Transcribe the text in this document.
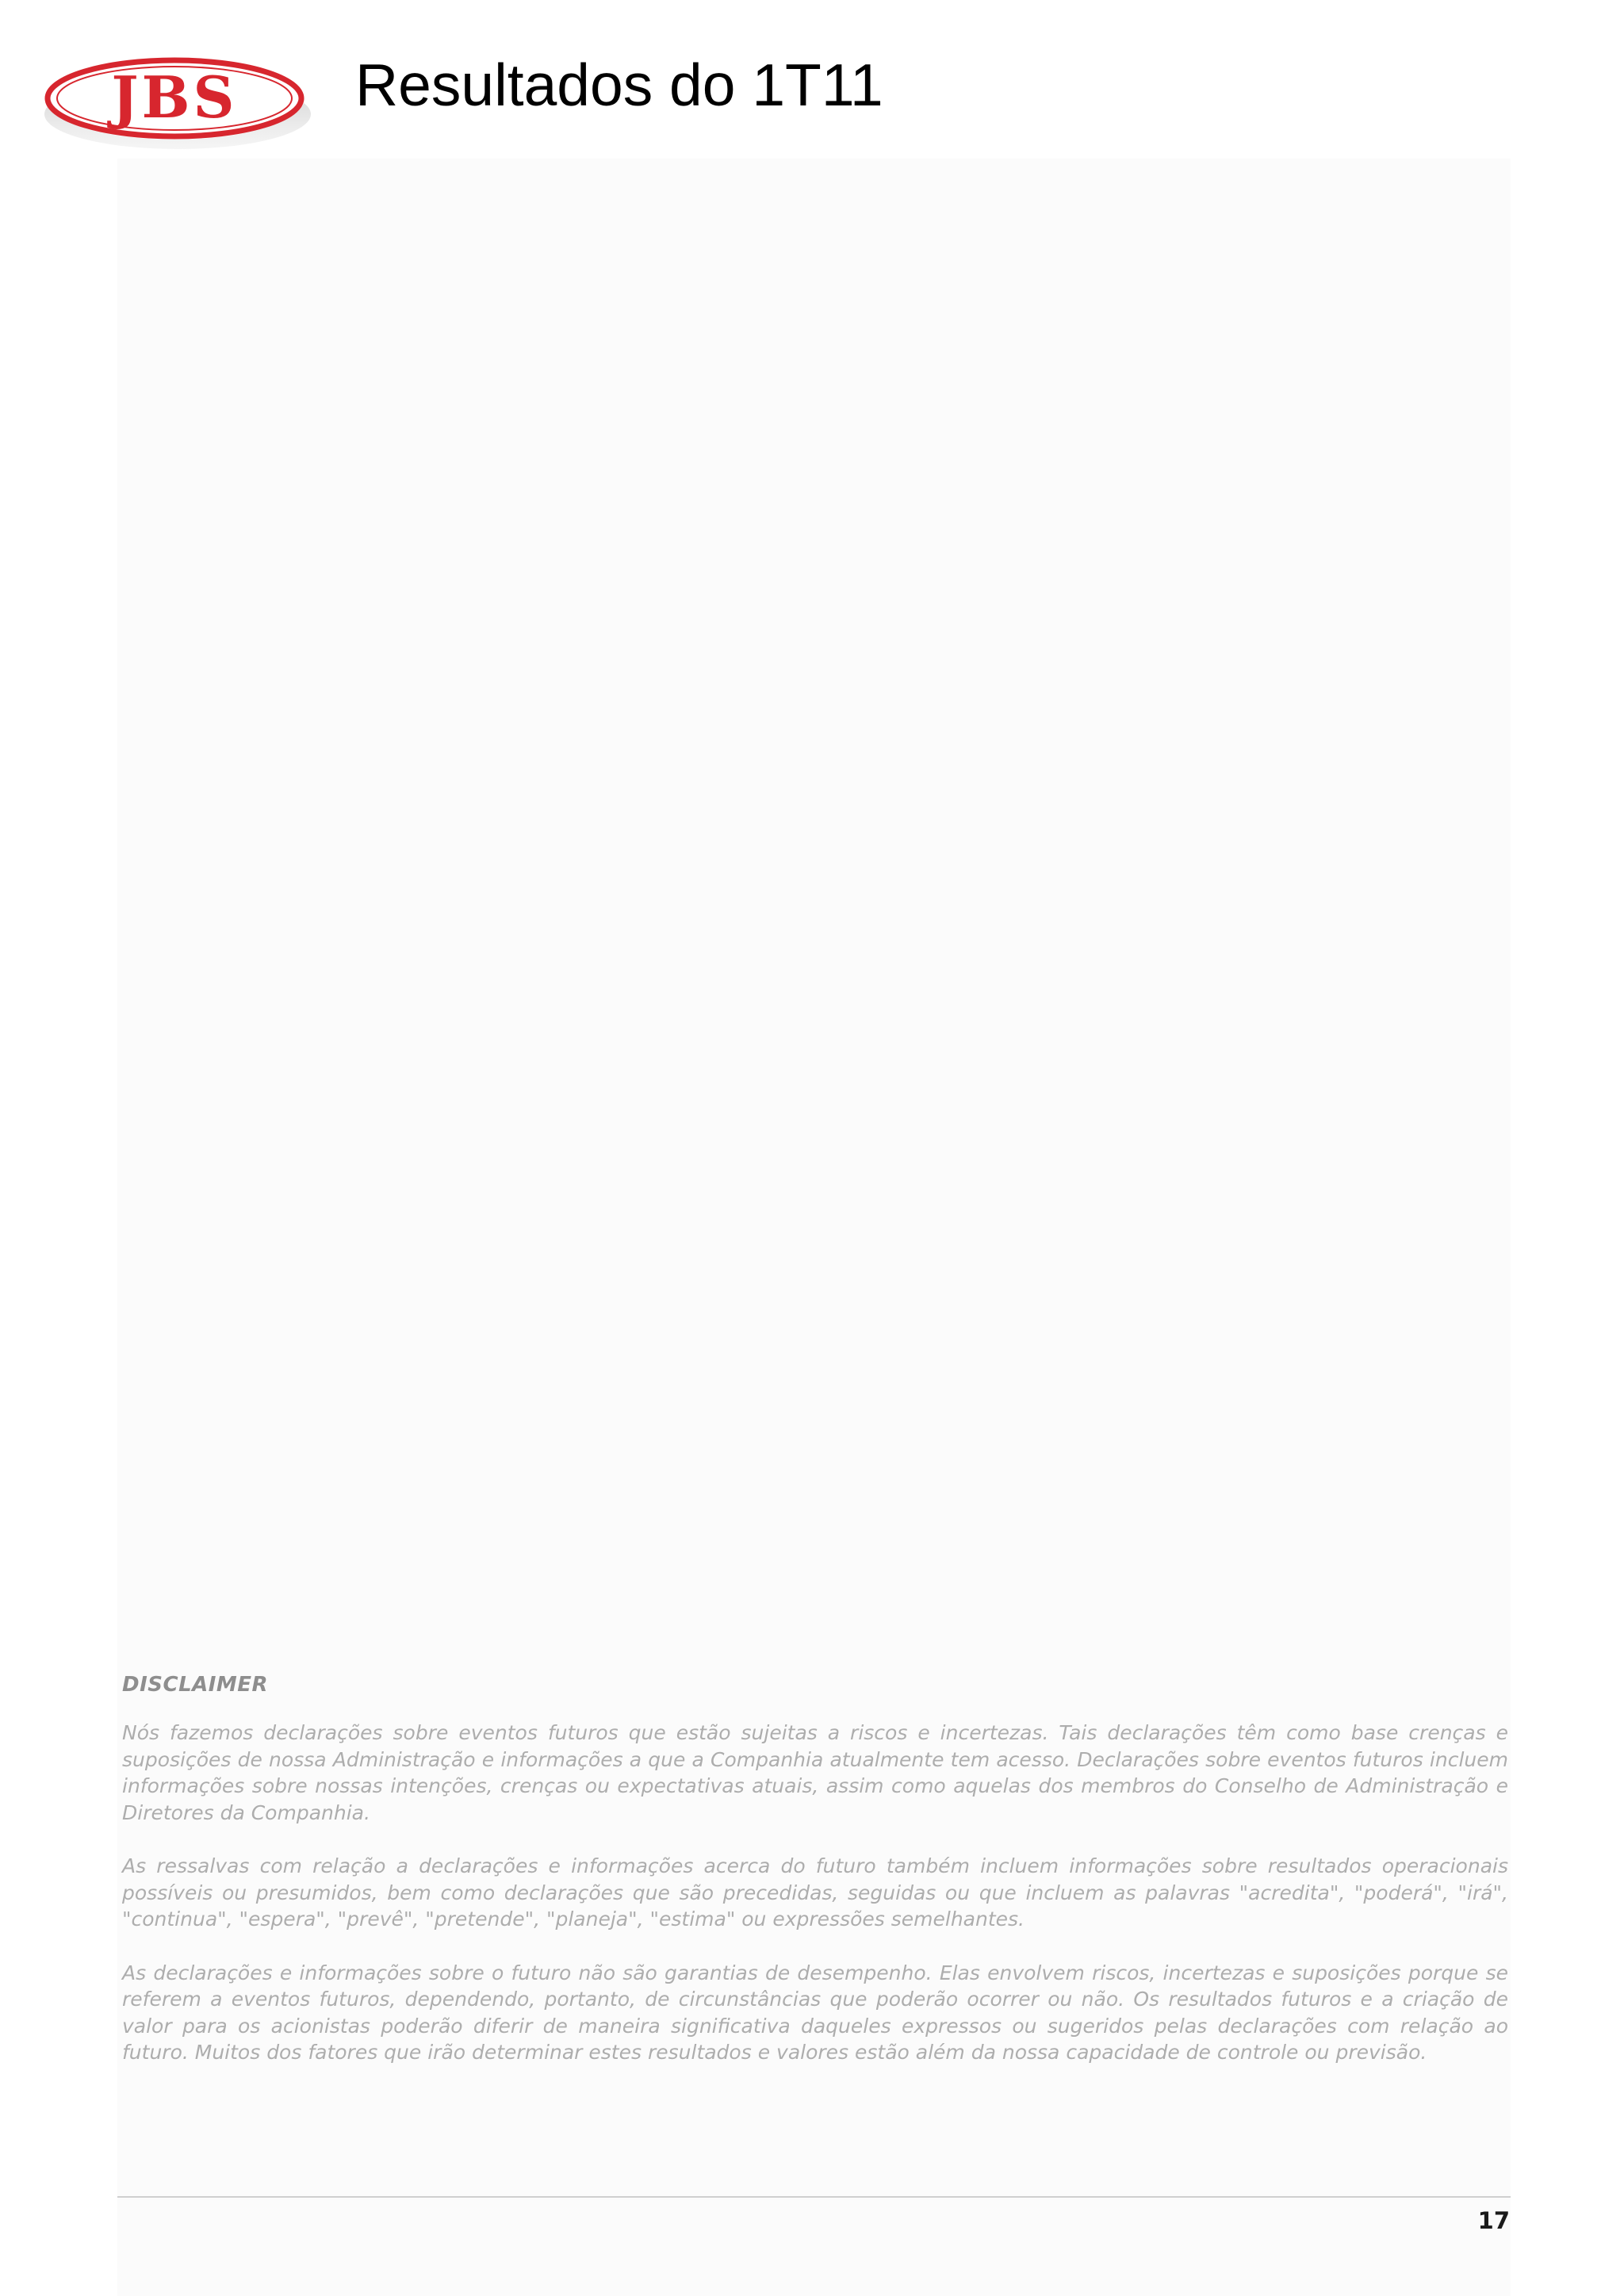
JBS Resultados do 1T11
DISCLAIMER

Nós fazemos declarações sobre eventos futuros que estão sujeitas a riscos e incertezas. Tais declarações têm como base crenças e suposições de nossa Administração e informações a que a Companhia atualmente tem acesso. Declarações sobre eventos futuros incluem informações sobre nossas intenções, crenças ou expectativas atuais, assim como aquelas dos membros do Conselho de Administração e Diretores da Companhia.

As ressalvas com relação a declarações e informações acerca do futuro também incluem informações sobre resultados operacionais possíveis ou presumidos, bem como declarações que são precedidas, seguidas ou que incluem as palavras "acredita", "poderá", "irá", "continua", "espera", "prevê", "pretende", "planeja", "estima" ou expressões semelhantes.

As declarações e informações sobre o futuro não são garantias de desempenho. Elas envolvem riscos, incertezas e suposições porque se referem a eventos futuros, dependendo, portanto, de circunstâncias que poderão ocorrer ou não. Os resultados futuros e a criação de valor para os acionistas poderão diferir de maneira significativa daqueles expressos ou sugeridos pelas declarações com relação ao futuro. Muitos dos fatores que irão determinar estes resultados e valores estão além da nossa capacidade de controle ou previsão.

17
